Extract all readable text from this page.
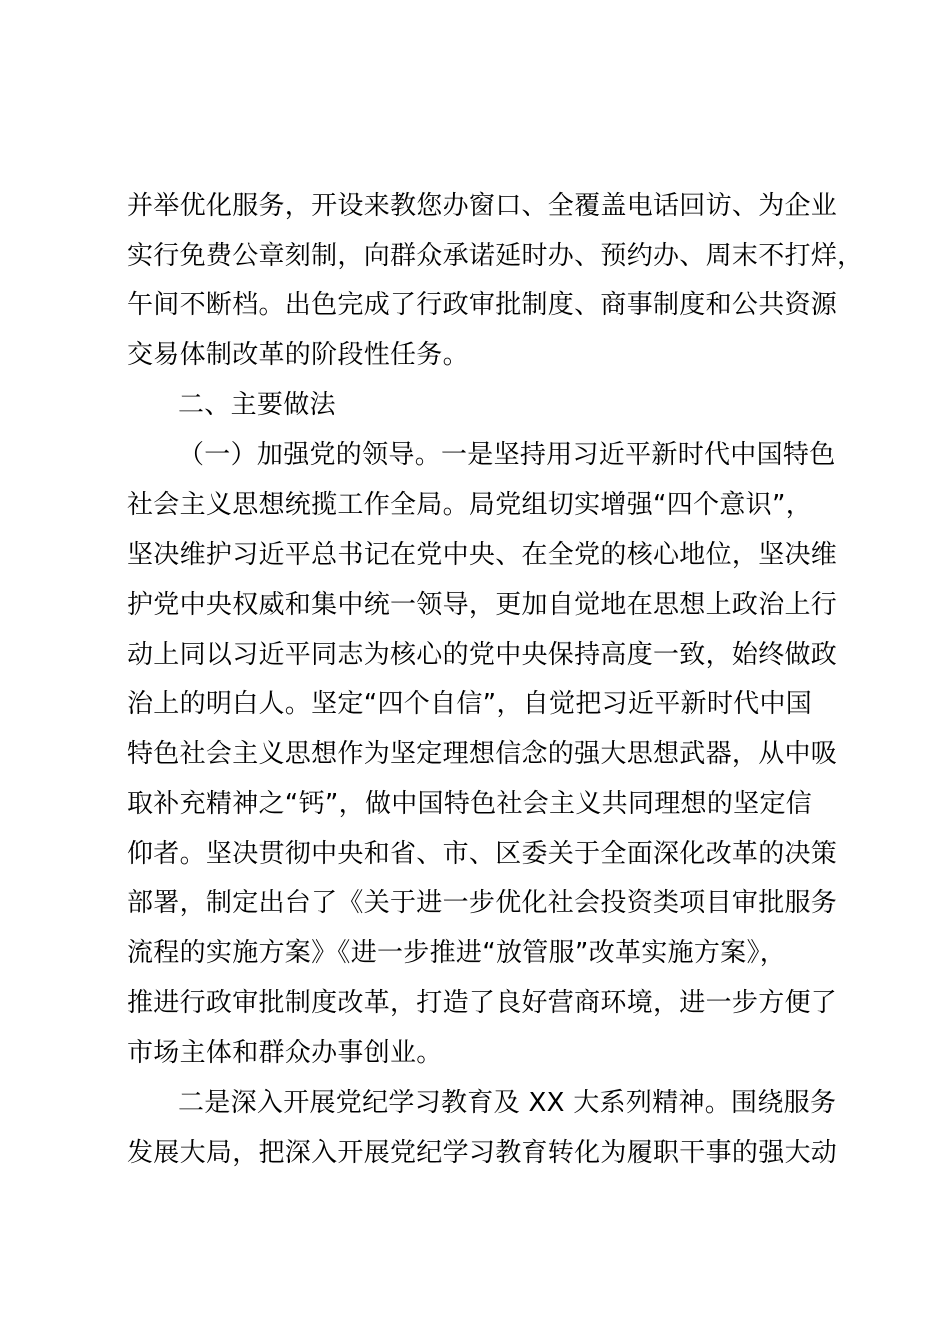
并举优化服务，开设来教您办窗口、全覆盖电话回访、为企业
实行免费公章刻制，向群众承诺延时办、预约办、周末不打烊，
午间不断档。出色完成了行政审批制度、商事制度和公共资源
交易体制改革的阶段性任务。
二、主要做法
（一）加强党的领导。一是坚持用习近平新时代中国特色
社会主义思想统揽工作全局。局党组切实增强“四个意识”，
坚决维护习近平总书记在党中央、在全党的核心地位，坚决维
护党中央权威和集中统一领导，更加自觉地在思想上政治上行
动上同以习近平同志为核心的党中央保持高度一致，始终做政
治上的明白人。坚定“四个自信”，自觉把习近平新时代中国
特色社会主义思想作为坚定理想信念的强大思想武器，从中吸
取补充精神之“钙”，做中国特色社会主义共同理想的坚定信
仰者。坚决贯彻中央和省、市、区委关于全面深化改革的决策
部署，制定出台了《关于进一步优化社会投资类项目审批服务
流程的实施方案》《进一步推进“放管服”改革实施方案》，
推进行政审批制度改革，打造了良好营商环境，进一步方便了
市场主体和群众办事创业。
二是深入开展党纪学习教育及 XX 大系列精神。围绕服务
发展大局，把深入开展党纪学习教育转化为履职干事的强大动
